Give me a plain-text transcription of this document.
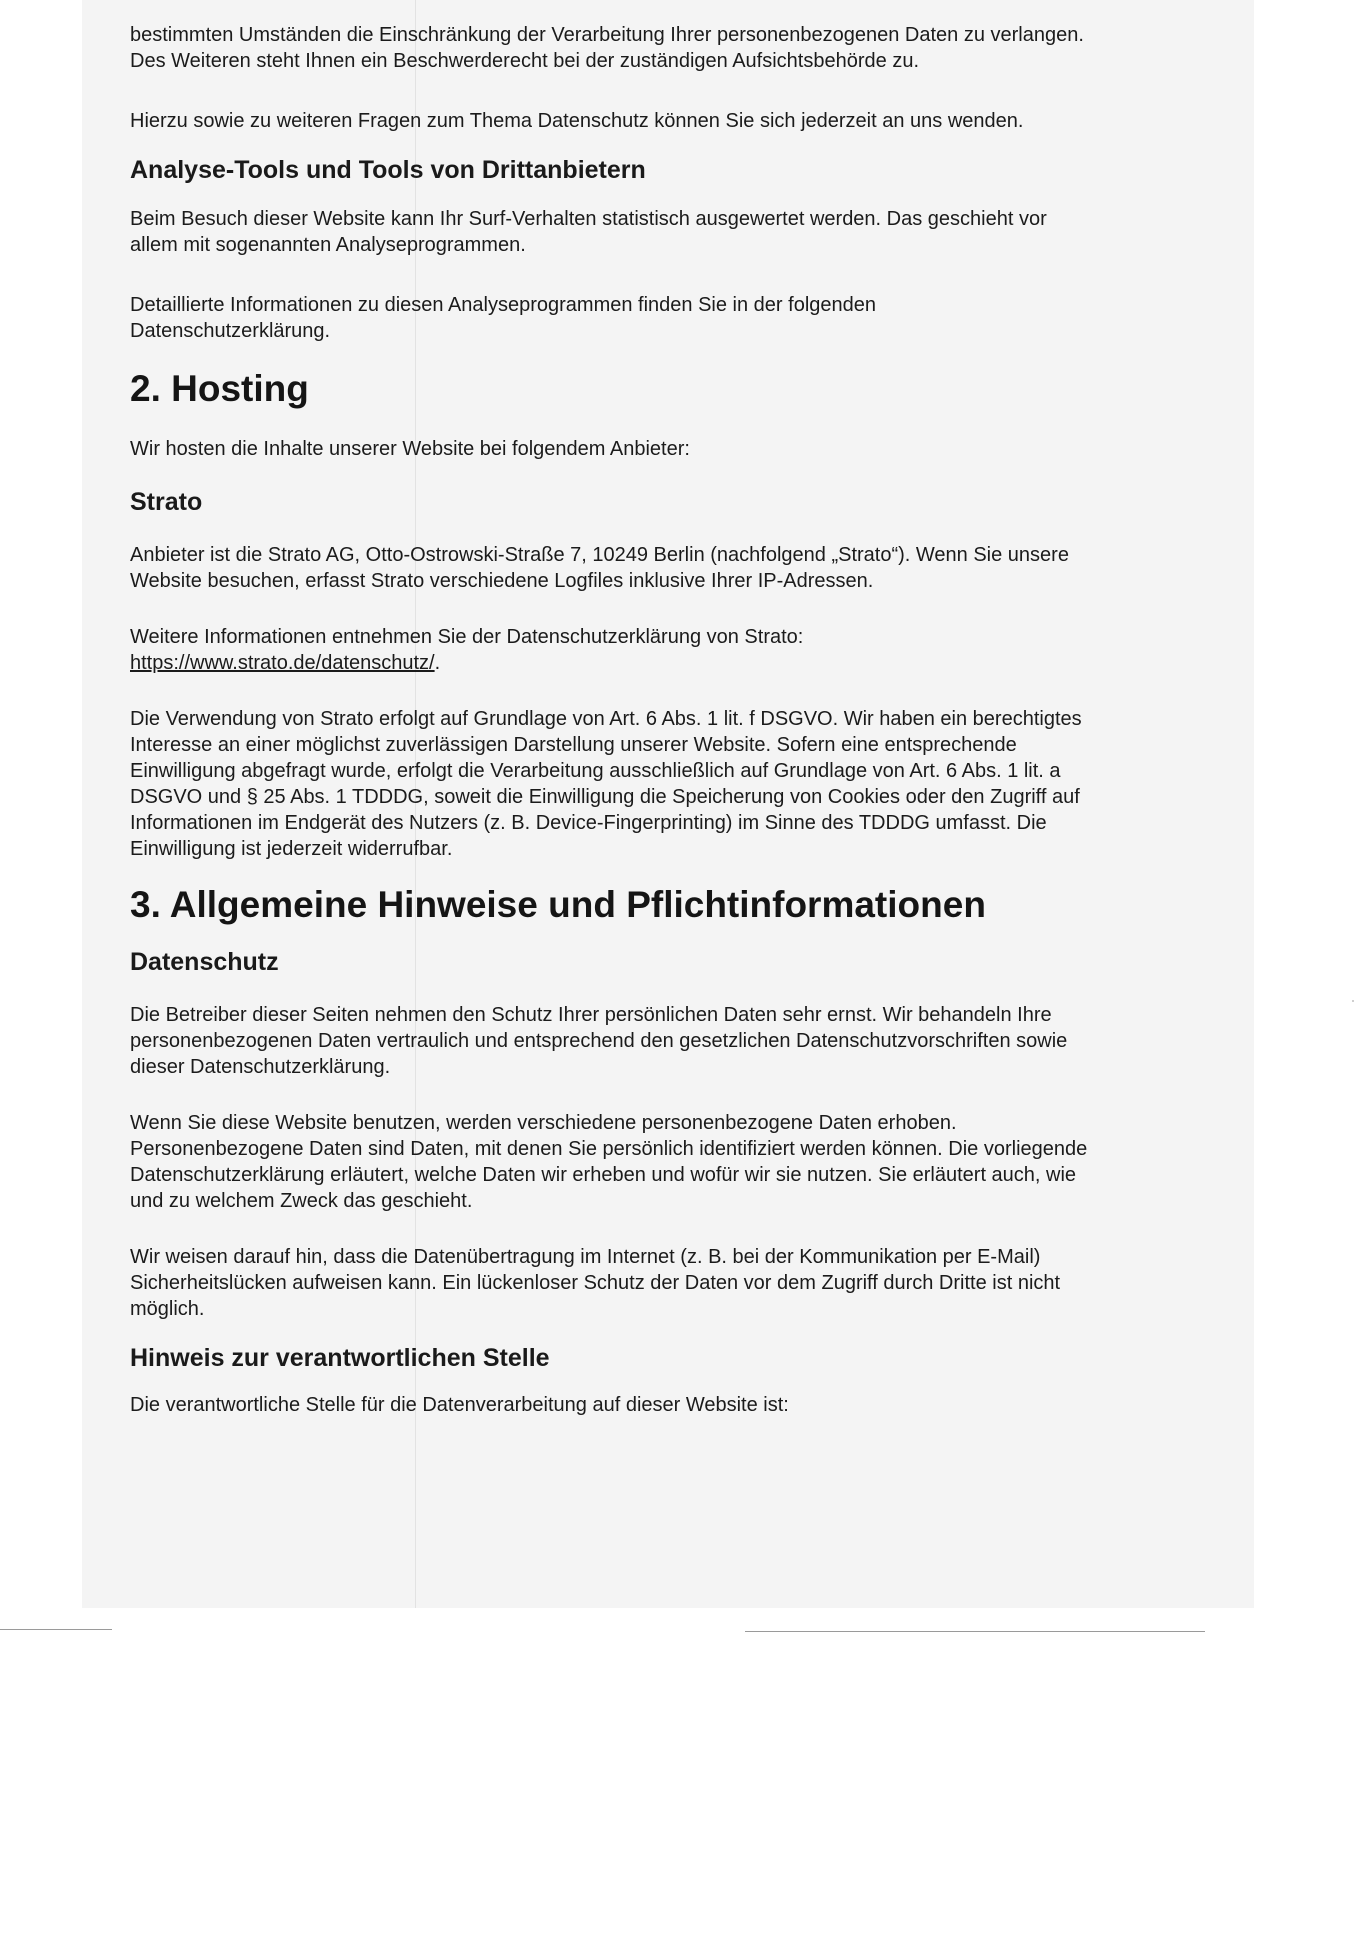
bestimmten Umständen die Einschränkung der Verarbeitung Ihrer personenbezogenen Daten zu verlangen.
Des Weiteren steht Ihnen ein Beschwerderecht bei der zuständigen Aufsichtsbehörde zu.

Hierzu sowie zu weiteren Fragen zum Thema Datenschutz können Sie sich jederzeit an uns wenden.

Analyse-Tools und Tools von Drittanbietern

Beim Besuch dieser Website kann Ihr Surf-Verhalten statistisch ausgewertet werden. Das geschieht vor
allem mit sogenannten Analyseprogrammen.

Detaillierte Informationen zu diesen Analyseprogrammen finden Sie in der folgenden
Datenschutzerklärung.

2. Hosting

Wir hosten die Inhalte unserer Website bei folgendem Anbieter:

Strato

Anbieter ist die Strato AG, Otto-Ostrowski-Straße 7, 10249 Berlin (nachfolgend „Strato“). Wenn Sie unsere
Website besuchen, erfasst Strato verschiedene Logfiles inklusive Ihrer IP-Adressen.

Weitere Informationen entnehmen Sie der Datenschutzerklärung von Strato:
https://www.strato.de/datenschutz/.

Die Verwendung von Strato erfolgt auf Grundlage von Art. 6 Abs. 1 lit. f DSGVO. Wir haben ein berechtigtes
Interesse an einer möglichst zuverlässigen Darstellung unserer Website. Sofern eine entsprechende
Einwilligung abgefragt wurde, erfolgt die Verarbeitung ausschließlich auf Grundlage von Art. 6 Abs. 1 lit. a
DSGVO und § 25 Abs. 1 TDDDG, soweit die Einwilligung die Speicherung von Cookies oder den Zugriff auf
Informationen im Endgerät des Nutzers (z. B. Device-Fingerprinting) im Sinne des TDDDG umfasst. Die
Einwilligung ist jederzeit widerrufbar.

3. Allgemeine Hinweise und Pflichtinformationen
Datenschutz

Die Betreiber dieser Seiten nehmen den Schutz Ihrer persönlichen Daten sehr ernst. Wir behandeln Ihre
personenbezogenen Daten vertraulich und entsprechend den gesetzlichen Datenschutzvorschriften sowie
dieser Datenschutzerklärung.

Wenn Sie diese Website benutzen, werden verschiedene personenbezogene Daten erhoben.
Personenbezogene Daten sind Daten, mit denen Sie persönlich identifiziert werden können. Die vorliegende
Datenschutzerklärung erläutert, welche Daten wir erheben und wofür wir sie nutzen. Sie erläutert auch, wie
und zu welchem Zweck das geschieht.

Wir weisen darauf hin, dass die Datenübertragung im Internet (z. B. bei der Kommunikation per E-Mail)
Sicherheitslücken aufweisen kann. Ein lückenloser Schutz der Daten vor dem Zugriff durch Dritte ist nicht
möglich.

Hinweis zur verantwortlichen Stelle

Die verantwortliche Stelle für die Datenverarbeitung auf dieser Website ist:
